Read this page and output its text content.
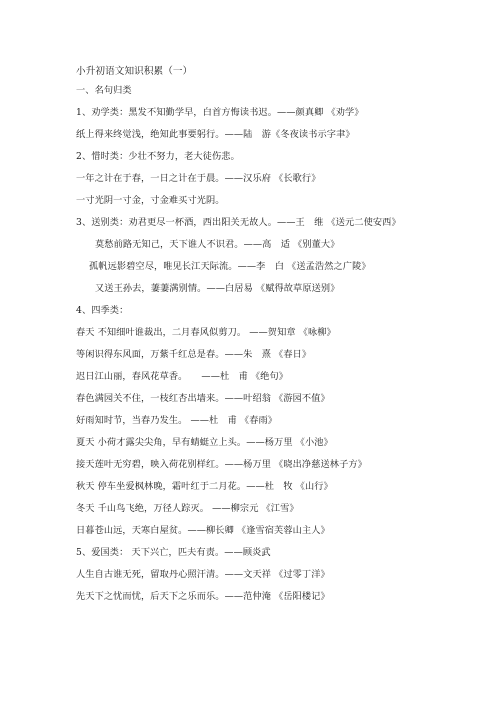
小升初语文知识积累（一）
一、名句归类
1、劝学类：黑发不知勤学早，白首方悔读书迟。——颜真卿 《劝学》
纸上得来终觉浅，绝知此事要躬行。——陆　游《冬夜读书示字聿》
2、惜时类：少壮不努力，老大徒伤悲。
一年之计在于春，一日之计在于晨。——汉乐府 《长歌行》
一寸光阴一寸金，寸金难买寸光阴。
3、送别类：劝君更尽一杯酒，西出阳关无故人。——王　维 《送元二使安西》
莫愁前路无知己，天下谁人不识君。——高　适 《别董大》
孤帆远影碧空尽，唯见长江天际流。——李　白 《送孟浩然之广陵》
又送王孙去，萋萋满别情。——白居易 《赋得故草原送别》
4、四季类：
春天 不知细叶谁裁出，二月春风似剪刀。 ——贺知章 《咏柳》
等闲识得东风面，万紫千红总是春。——朱　熹 《春日》
迟日江山丽，春风花草香。　　——杜　甫 《绝句》
春色满园关不住，一枝红杏出墙来。——叶绍翁 《游园不值》
好雨知时节，当春乃发生。 ——杜　甫 《春雨》
夏天 小荷才露尖尖角，早有蜻蜓立上头。——杨万里 《小池》
接天莲叶无穷碧，映入荷花别样红。——杨万里 《晓出净慈送林子方》
秋天 停车坐爱枫林晚，霜叶红于二月花。——杜　牧 《山行》
冬天 千山鸟飞绝，万径人踪灭。 ——柳宗元 《江雪》
日暮苍山远，天寒白屋贫。——柳长卿 《逢雪宿芙蓉山主人》
5、爱国类： 天下兴亡，匹夫有责。——顾炎武
人生自古谁无死，留取丹心照汗清。——文天祥 《过零丁洋》
先天下之忧而忧，后天下之乐而乐。——范仲淹 《岳阳楼记》
